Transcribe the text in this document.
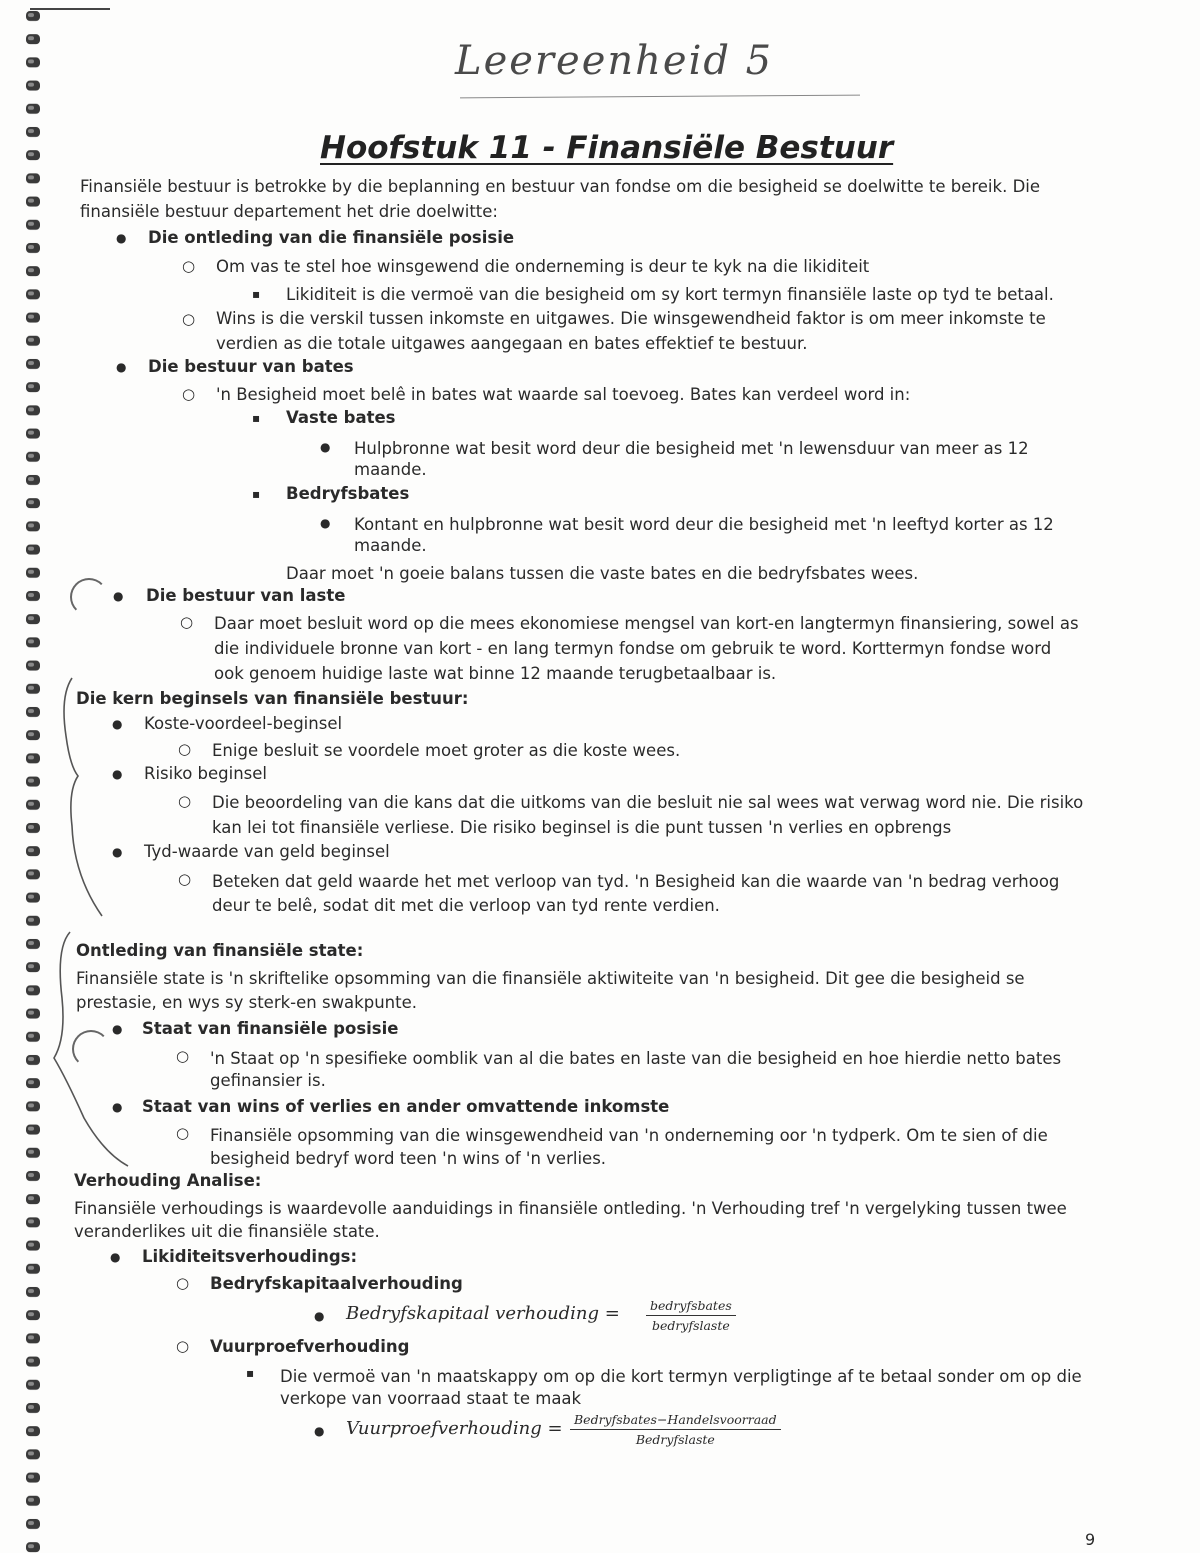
Leereenheid 5

Hoofstuk 11 - Finansiële Bestuur

Finansiële bestuur is betrokke by die beplanning en bestuur van fondse om die besigheid se doelwitte te bereik. Die

finansiële bestuur departement het drie doelwitte:

● Die ontleding van die finansiële posisie

○ Om vas te stel hoe winsgewend die onderneming is deur te kyk na die likiditeit

▪ Likiditeit is die vermoë van die besigheid om sy kort termyn finansiële laste op tyd te betaal.

○ Wins is die verskil tussen inkomste en uitgawes. Die winsgewendheid faktor is om meer inkomste te

verdien as die totale uitgawes aangegaan en bates effektief te bestuur.

● Die bestuur van bates

○ 'n Besigheid moet belê in bates wat waarde sal toevoeg. Bates kan verdeel word in:

▪ Vaste bates

● Hulpbronne wat besit word deur die besigheid met 'n lewensduur van meer as 12

maande.

▪ Bedryfsbates

● Kontant en hulpbronne wat besit word deur die besigheid met 'n leeftyd korter as 12

maande.

Daar moet 'n goeie balans tussen die vaste bates en die bedryfsbates wees.

● Die bestuur van laste

○ Daar moet besluit word op die mees ekonomiese mengsel van kort-en langtermyn finansiering, sowel as

die individuele bronne van kort - en lang termyn fondse om gebruik te word. Korttermyn fondse word

ook genoem huidige laste wat binne 12 maande terugbetaalbaar is.

Die kern beginsels van finansiële bestuur:

● Koste-voordeel-beginsel

○ Enige besluit se voordele moet groter as die koste wees.

● Risiko beginsel

○ Die beoordeling van die kans dat die uitkoms van die besluit nie sal wees wat verwag word nie. Die risiko

kan lei tot finansiële verliese. Die risiko beginsel is die punt tussen 'n verlies en opbrengs

● Tyd-waarde van geld beginsel

○ Beteken dat geld waarde het met verloop van tyd. 'n Besigheid kan die waarde van 'n bedrag verhoog

deur te belê, sodat dit met die verloop van tyd rente verdien.

Ontleding van finansiële state:

Finansiële state is 'n skriftelike opsomming van die finansiële aktiwiteite van 'n besigheid. Dit gee die besigheid se

prestasie, en wys sy sterk-en swakpunte.

● Staat van finansiële posisie

○ 'n Staat op 'n spesifieke oomblik van al die bates en laste van die besigheid en hoe hierdie netto bates

gefinansier is.

● Staat van wins of verlies en ander omvattende inkomste

○ Finansiële opsomming van die winsgewendheid van 'n onderneming oor 'n tydperk. Om te sien of die

besigheid bedryf word teen 'n wins of 'n verlies.

Verhouding Analise:

Finansiële verhoudings is waardevolle aanduidings in finansiële ontleding. 'n Verhouding tref 'n vergelyking tussen twee

veranderlikes uit die finansiële state.

● Likiditeitsverhoudings:

○ Bedryfskapitaalverhouding

● Bedryfskapitaal verhouding =	bedryfsbates
bedryfslaste
○ Vuurproefverhouding

▪ Die vermoë van 'n maatskappy om op die kort termyn verpligtinge af te betaal sonder om op die

verkope van voorraad staat te maak

● Vuurproefverhouding = Bedryfsbates−Handelsvoorraad
Bedryfslaste

9
